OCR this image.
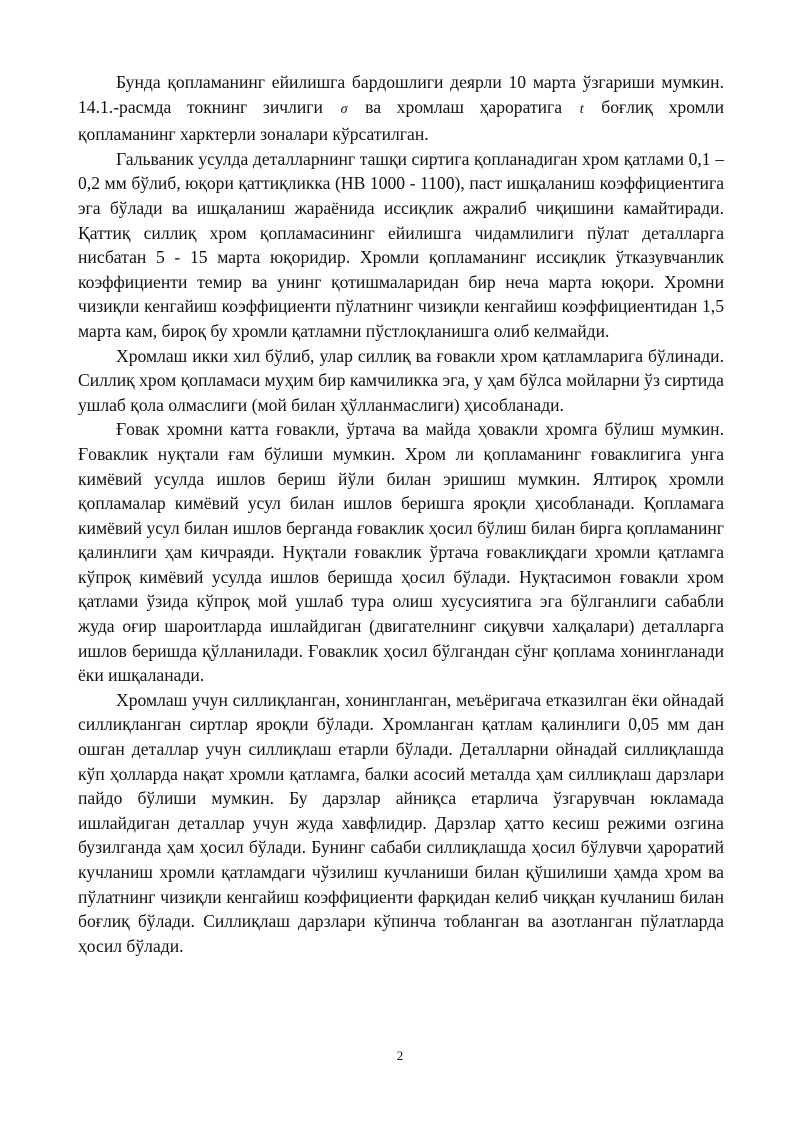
Бунда қопламанинг ейилишга бардошлиги деярли 10 марта ўзгариши мумкин. 14.1.-расмда токнинг зичлиги σ ва хромлаш ҳароратига t боғлиқ хромли қопламанинг харктерли зоналари кўрсатилган.

Гальваник усулда деталларнинг ташқи сиртига қопланадиган хром қатлами 0,1 – 0,2 мм бўлиб, юқори қаттиқликка (НВ 1000 - 1100), паст ишқаланиш коэффициентига эга бўлади ва ишқаланиш жараёнида иссиқлик ажралиб чиқишини камайтиради. Қаттиқ силлиқ хром қопламасининг ейилишга чидамлилиги пўлат деталларга нисбатан 5 - 15 марта юқоридир. Хромли қопламанинг иссиқлик ўтказувчанлик коэффициенти темир ва унинг қотишмаларидан бир неча марта юқори. Хромни чизиқли кенгайиш коэффициенти пўлатнинг чизиқли кенгайиш коэффициентидан 1,5 марта кам, бироқ бу хромли қатламни пўстлоқланишга олиб келмайди.

Хромлаш икки хил бўлиб, улар силлиқ ва ғовакли хром қатламларига бўлинади. Силлиқ хром қопламаси муҳим бир камчиликка эга, у ҳам бўлса мойларни ўз сиртида ушлаб қола олмаслиги (мой билан ҳўлланмаслиги) ҳисобланади.

Ғовак хромни катта ғовакли, ўртача ва майда ҳовакли хромга бўлиш мумкин. Ғоваклик нуқтали ғам бўлиши мумкин. Хром ли қопламанинг ғоваклигига унга кимёвий усулда ишлов бериш йўли билан эришиш мумкин. Ялтироқ хромли қопламалар кимёвий усул билан ишлов беришга яроқли ҳисобланади. Қопламага кимёвий усул билан ишлов берганда ғоваклик ҳосил бўлиш билан бирга қопламанинг қалинлиги ҳам кичраяди. Нуқтали ғоваклик ўртача ғоваклиқдаги хромли қатламга кўпроқ кимёвий усулда ишлов беришда ҳосил бўлади. Нуқтасимон ғовакли хром қатлами ўзида кўпроқ мой ушлаб тура олиш хусусиятига эга бўлганлиги сабабли жуда оғир шароитларда ишлайдиган (двигателнинг сиқувчи халқалари) деталларга ишлов беришда қўлланилади. Ғоваклик ҳосил бўлгандан сўнг қоплама хонингланади ёки ишқаланади.

Хромлаш учун силлиқланган, хонингланган, меъёригача етказилган ёки ойнадай силлиқланган сиртлар яроқли бўлади. Хромланган қатлам қалинлиги 0,05 мм дан ошган деталлар учун силлиқлаш етарли бўлади. Деталларни ойнадай силлиқлашда кўп ҳолларда нақат хромли қатламга, балки асосий металда ҳам силлиқлаш дарзлари пайдо бўлиши мумкин. Бу дарзлар айниқса етарлича ўзгарувчан юкламада ишлайдиган деталлар учун жуда хавфлидир. Дарзлар ҳатто кесиш режими озгина бузилганда ҳам ҳосил бўлади. Бунинг сабаби силлиқлашда ҳосил бўлувчи ҳароратий кучланиш хромли қатламдаги чўзилиш кучланиши билан қўшилиши ҳамда хром ва пўлатнинг чизиқли кенгайиш коэффициенти фарқидан келиб чиққан кучланиш билан боғлиқ бўлади. Силлиқлаш дарзлари кўпинча тобланган ва азотланган пўлатларда ҳосил бўлади.

2
